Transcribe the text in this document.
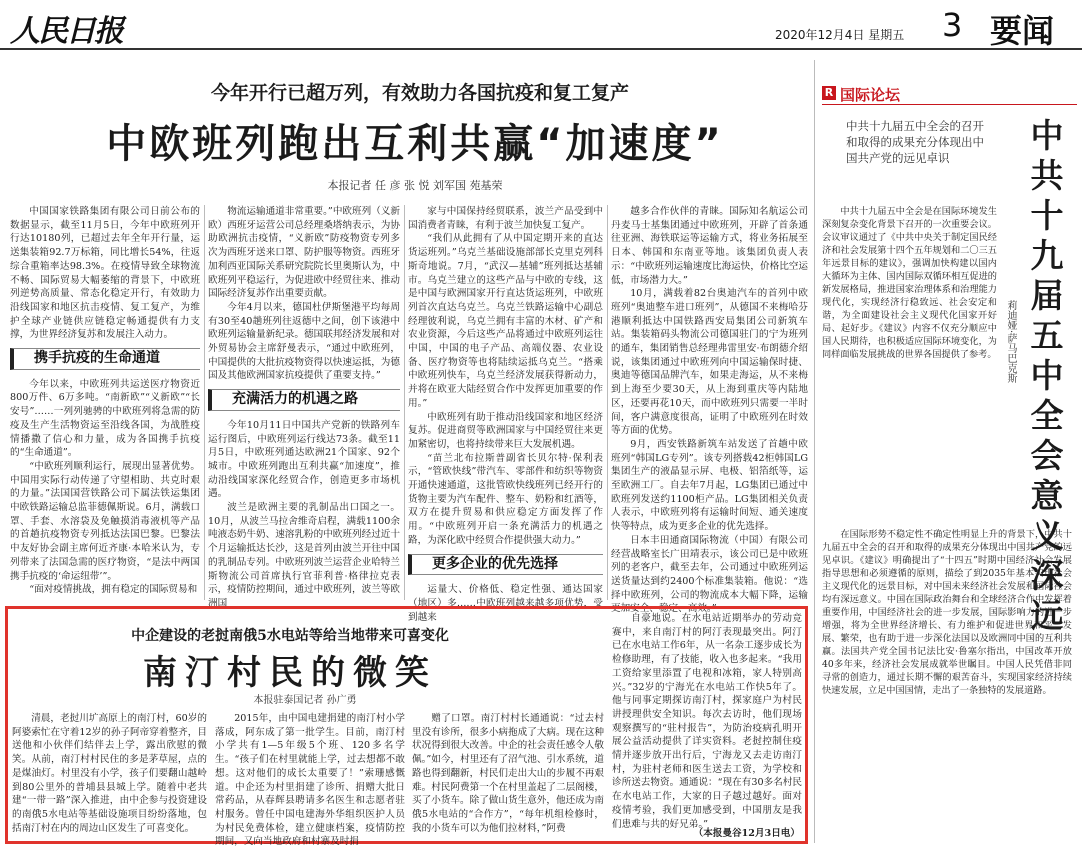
人民日报	2020年12月4日 星期五 3 要闻
今年开行已超万列，有效助力各国抗疫和复工复产
中欧班列跑出互利共赢“加速度”
本报记者 任 彦 张 悦 刘军国 苑基荣

中国国家铁路集团有限公司日前公布的数据显示，截至11月5日，今年中欧班列开行达10180列，已超过去年全年开行量，运送集装箱92.7万标箱，同比增长54%，往返综合重箱率达98.3%。在疫情导致全球物流不畅、国际贸易大幅萎缩的背景下，中欧班列逆势高质量、常态化稳定开行，有效助力沿线国家和地区抗击疫情、复工复产，为维护全球产业链供应链稳定畅通提供有力支撑，为世界经济复苏和发展注入动力。

携手抗疫的生命通道

今年以来，中欧班列共运送医疗物资近800万件、6万多吨。“南新欧”“义新欧”“长安号”……一列列驰骋的中欧班列将急需的防疫及生产生活物资运至沿线各国，为战胜疫情播撒了信心和力量，成为各国携手抗疫的“生命通道”。

“中欧班列顺利运行，展现出显著优势。中国用实际行动传递了守望相助、共克时艰的力量。”法国国营铁路公司下属法铁运集团中欧铁路运输总监菲德佩斯说。6月，满载口罩、手套、水溶袋及免触摸消毒液机等产品的首趟抗疫物资专列抵达法国巴黎。巴黎法中友好协会副主席何近齐康·本哈米认为，专列带来了法国急需的医疗物资，“是法中两国携手抗疫的‘命运纽带’”。

“面对疫情挑战，拥有稳定的国际贸易和

物流运输通道非常重要。”中欧班列（义新欧）西班牙运营公司总经理桑塔纳表示，为协助欧洲抗击疫情，“义新欧”防疫物资专列多次为西班牙送来口罩、防护服等物资。西班牙加利西亚国际关系研究院院长里奥斯认为，中欧班列平稳运行，为促进欧中经贸往来、推动国际经济复苏作出重要贡献。

今年4月以来，德国杜伊斯堡港平均每周有30至40趟班列往返德中之间，创下该港中欧班列运输量新纪录。德国联邦经济发展和对外贸易协会主席舒曼表示，“通过中欧班列，中国提供的大批抗疫物资得以快速运抵，为德国及其他欧洲国家抗疫提供了重要支持。”

充满活力的机遇之路

今年10月11日中国共产党新的铁路列车运行图后，中欧班列运行线达73条。截至11月5日，中欧班列通达欧洲21个国家、92个城市。中欧班列跑出互利共赢“加速度”，推动沿线国家深化经贸合作，创造更多市场机遇。

波兰是欧洲主要的乳制品出口国之一。10月，从波兰马拉舍维奇启程，满载1100余吨液态奶牛奶、速溶乳粉的中欧班列经过近十个月运输抵达长沙，这是首列由波兰开往中国的乳制品专列。中欧班列波兰运营企业哈特兰斯物流公司首席执行官菲利普·格律拉克表示，疫情防控期间，通过中欧班列，波兰等欧洲国

家与中国保持经贸联系，波兰产品受到中国消费者青睐，有利于波兰加快复工复产。

“我们从此拥有了从中国定期开来的直达货运班列。”乌克兰基础设施部部长克里克列科斯奇地说。7月，“武汉—基辅”班列抵达基辅市。乌克兰建立的这些产品与中欧的专线，这是中国与欧洲国家开行直达货运班列，中欧班列首次直达乌克兰。乌克兰铁路运输中心副总经理彼利说，乌克兰拥有丰富的木材、矿产和农业资源，今后这些产品将通过中欧班列运往中国，中国的电子产品、高端仪器、农业设备、医疗物资等也将陆续运抵乌克兰。“搭乘中欧班列快车，乌克兰经济发展获得新动力，并将在欧亚大陆经贸合作中发挥更加重要的作用。”

中欧班列有助于推动沿线国家和地区经济复苏。促进商贸等欧洲国家与中国经贸往来更加紧密切，也将持续带来巨大发展机遇。

“苗兰北布拉斯普副省长贝尔特·保利表示，“管欧快线”带汽车、零部件和纺织等物资开通快速通道，这批管欧快线班列已经开行的货物主要为汽车配件、整车、奶粉和红酒等，双方在提升贸易和供应稳定方面发挥了作用。“中欧班列开启一条充满活力的机遇之路，为深化欧中经贸合作提供强大动力。”

更多企业的优先选择

运量大、价格低、稳定性强、通达国家（地区）多……中欧班列越来越多项优势，受到越来

越多合作伙伴的青睐。国际知名航运公司丹麦马士基集团通过中欧班列，开辟了首条通往亚洲、海铁联运等运输方式，将业务拓展至日本、韩国和东南亚等地。该集团负责人表示：“中欧班列运输速度比海运快，价格比空运低，市场潜力大。”

10月，满载着82台奥迪汽车的首列中欧班列“奥迪整车进口班列”，从德国不来梅哈芬港顺利抵达中国铁路西安局集团公司新筑车站。集装箱码头物流公司德国驻门的宁为班列的通车，集团销售总经理弗雷里安·布朗德介绍说，该集团通过中欧班列向中国运输保时捷、奥迪等德国品牌汽车，如果走海运，从不来梅到上海至少要30天，从上海到重庆等内陆地区，还要再花10天，而中欧班列只需要一半时间，客户满意度很高，证明了中欧班列在时效等方面的优势。

9月，西安铁路新筑车站发送了首趟中欧班列“韩国LG专列”。该专列搭载42柜韩国LG集团生产的液晶显示屏、电极、铝箔纸等，运至欧洲工厂。自去年7月起，LG集团已通过中欧班列发送约1100柜产品。LG集团相关负责人表示，中欧班列将有运输时间短、通关速度快等特点，成为更多企业的优先选择。

日本丰田通商国际物流（中国）有限公司经营战略室长广田靖表示，该公司已是中欧班列的老客户，截至去年，公司通过中欧班列运送货量达到约2400个标准集装箱。他说：“选择中欧班列，公司的物流成本大幅下降，运输更加安全、稳定、高效。”

中企建设的老挝南俄5水电站等给当地带来可喜变化
南汀村民的微笑
本报驻泰国记者 孙广勇

清晨，老挝川圹高原上的南汀村，60岁的阿婆索忙在守着12岁的孙子阿帝穿着整齐，目送他和小伙伴们结伴去上学，露出欣慰的微笑。从前，南汀村村民住的多是茅草屋，点的是煤油灯。村里没有小学，孩子们要翻山越岭到80公里外的普埔县县城上学。随着中老共建“一带一路”深入推进，由中企参与投资建设的南俄5水电站等基础设施项目纷纷落地，包括南汀村在内的周边山区发生了可喜变化。

2015年，由中国电建捐建的南汀村小学落成，阿东成了第一批学生。目前，南汀村小学共有1—5年级5个班、120多名学生。“孩子们在村里就能上学，过去想都不敢想。这对他们的成长太重要了！”索珊感慨道。中企还为村里捐建了诊所、捐赠大批日常药品，从春辉县聘请多名医生和志愿者驻村服务。曾任中国电建海外华组织医护人员为村民免费体检，建立健康档案，疫情防控期间，又向当地政府和村寨及时捐

赠了口罩。南汀村村长通通说：“过去村里没有诊所，很多小病拖成了大病。现在这种状况得到很大改善。中企的社会责任感令人敬佩。”如今，村里还有了沼气池、引水系统，道路也得到翻新，村民们走出大山的步履不再艰难。村民阿费第一个在村里盖起了二层阁楼，买了小货车。除了做山货生意外，他还成为南俄5水电站的“合作方”，“每年机组检修时，我的小货车可以为他们拉材料，”阿费

自豪地说。在水电站近期举办的劳动竞赛中，来自南汀村的阿汀表现最突出。阿汀已在水电站工作6年，从一名杂工逐步成长为检修助理，有了技能，收入也多起来。“我用工资给家里添置了电视和冰箱，家人特别高兴。”32岁的宁海光在水电站工作快5年了。他与同事定期探访南汀村，探家庭户为村民讲授理供安全知识。每次去访时，他们现场观察撰写的“驻村报告”，为防治疫病孔明开展公益活动提供了详实资料。老挝控制住疫情并逐步放开出行后，宁海龙又去走访南汀村，为驻村老师和医生送去工资，为学校和诊所送去物资。通通说：“现在有30多名村民在水电站工作，大家的日子越过越好。面对疫情考验，我们更加感受到，中国朋友是我们患难与共的好兄弟。”

（本报曼谷12月3日电）
R 国际论坛
中共十九届五中全会的召开和取得的成果充分体现出中国共产党的远见卓识
中共十九届五中全会意义深远
莉迪娅·萨马巴克斯

中共十九届五中全会是在国际环境发生深刻复杂变化背景下召开的一次重要会议。会议审议通过了《中共中央关于制定国民经济和社会发展第十四个五年规划和二〇三五年远景目标的建议》，强调加快构建以国内大循环为主体、国内国际双循环相互促进的新发展格局，推进国家治理体系和治理能力现代化，实现经济行稳致远、社会安定和谐，为全面建设社会主义现代化国家开好局、起好步。《建议》内容不仅充分顺应中国人民期待，也积极适应国际环境变化，为同样面临发展挑战的世界各国提供了参考。

在国际形势不稳定性不确定性明显上升的背景下，中共十九届五中全会的召开和取得的成果充分体现出中国共产党的远见卓识。《建议》明确提出了“十四五”时期中国经济社会发展指导思想和必须遵循的原则，描绘了到2035年基本实现社会主义现代化的远景目标，对中国未来经济社会发展和国际社会均有深远意义。中国在国际政治舞台和全球经济合作中发挥着重要作用，中国经济社会的进一步发展，国际影响力的进一步增强，将为全世界经济增长、有力维护和促进世界和平、发展、繁荣，也有助于进一步深化法国以及欧洲同中国的互利共赢。法国共产党全国书记法比安·鲁塞尔指出，中国改革开放40多年来，经济社会发展成就举世瞩目。中国人民凭借非同寻常的创造力，通过长期不懈的艰苦奋斗，实现国家经济持续快速发展，立足中国国情，走出了一条独特的发展道路。
